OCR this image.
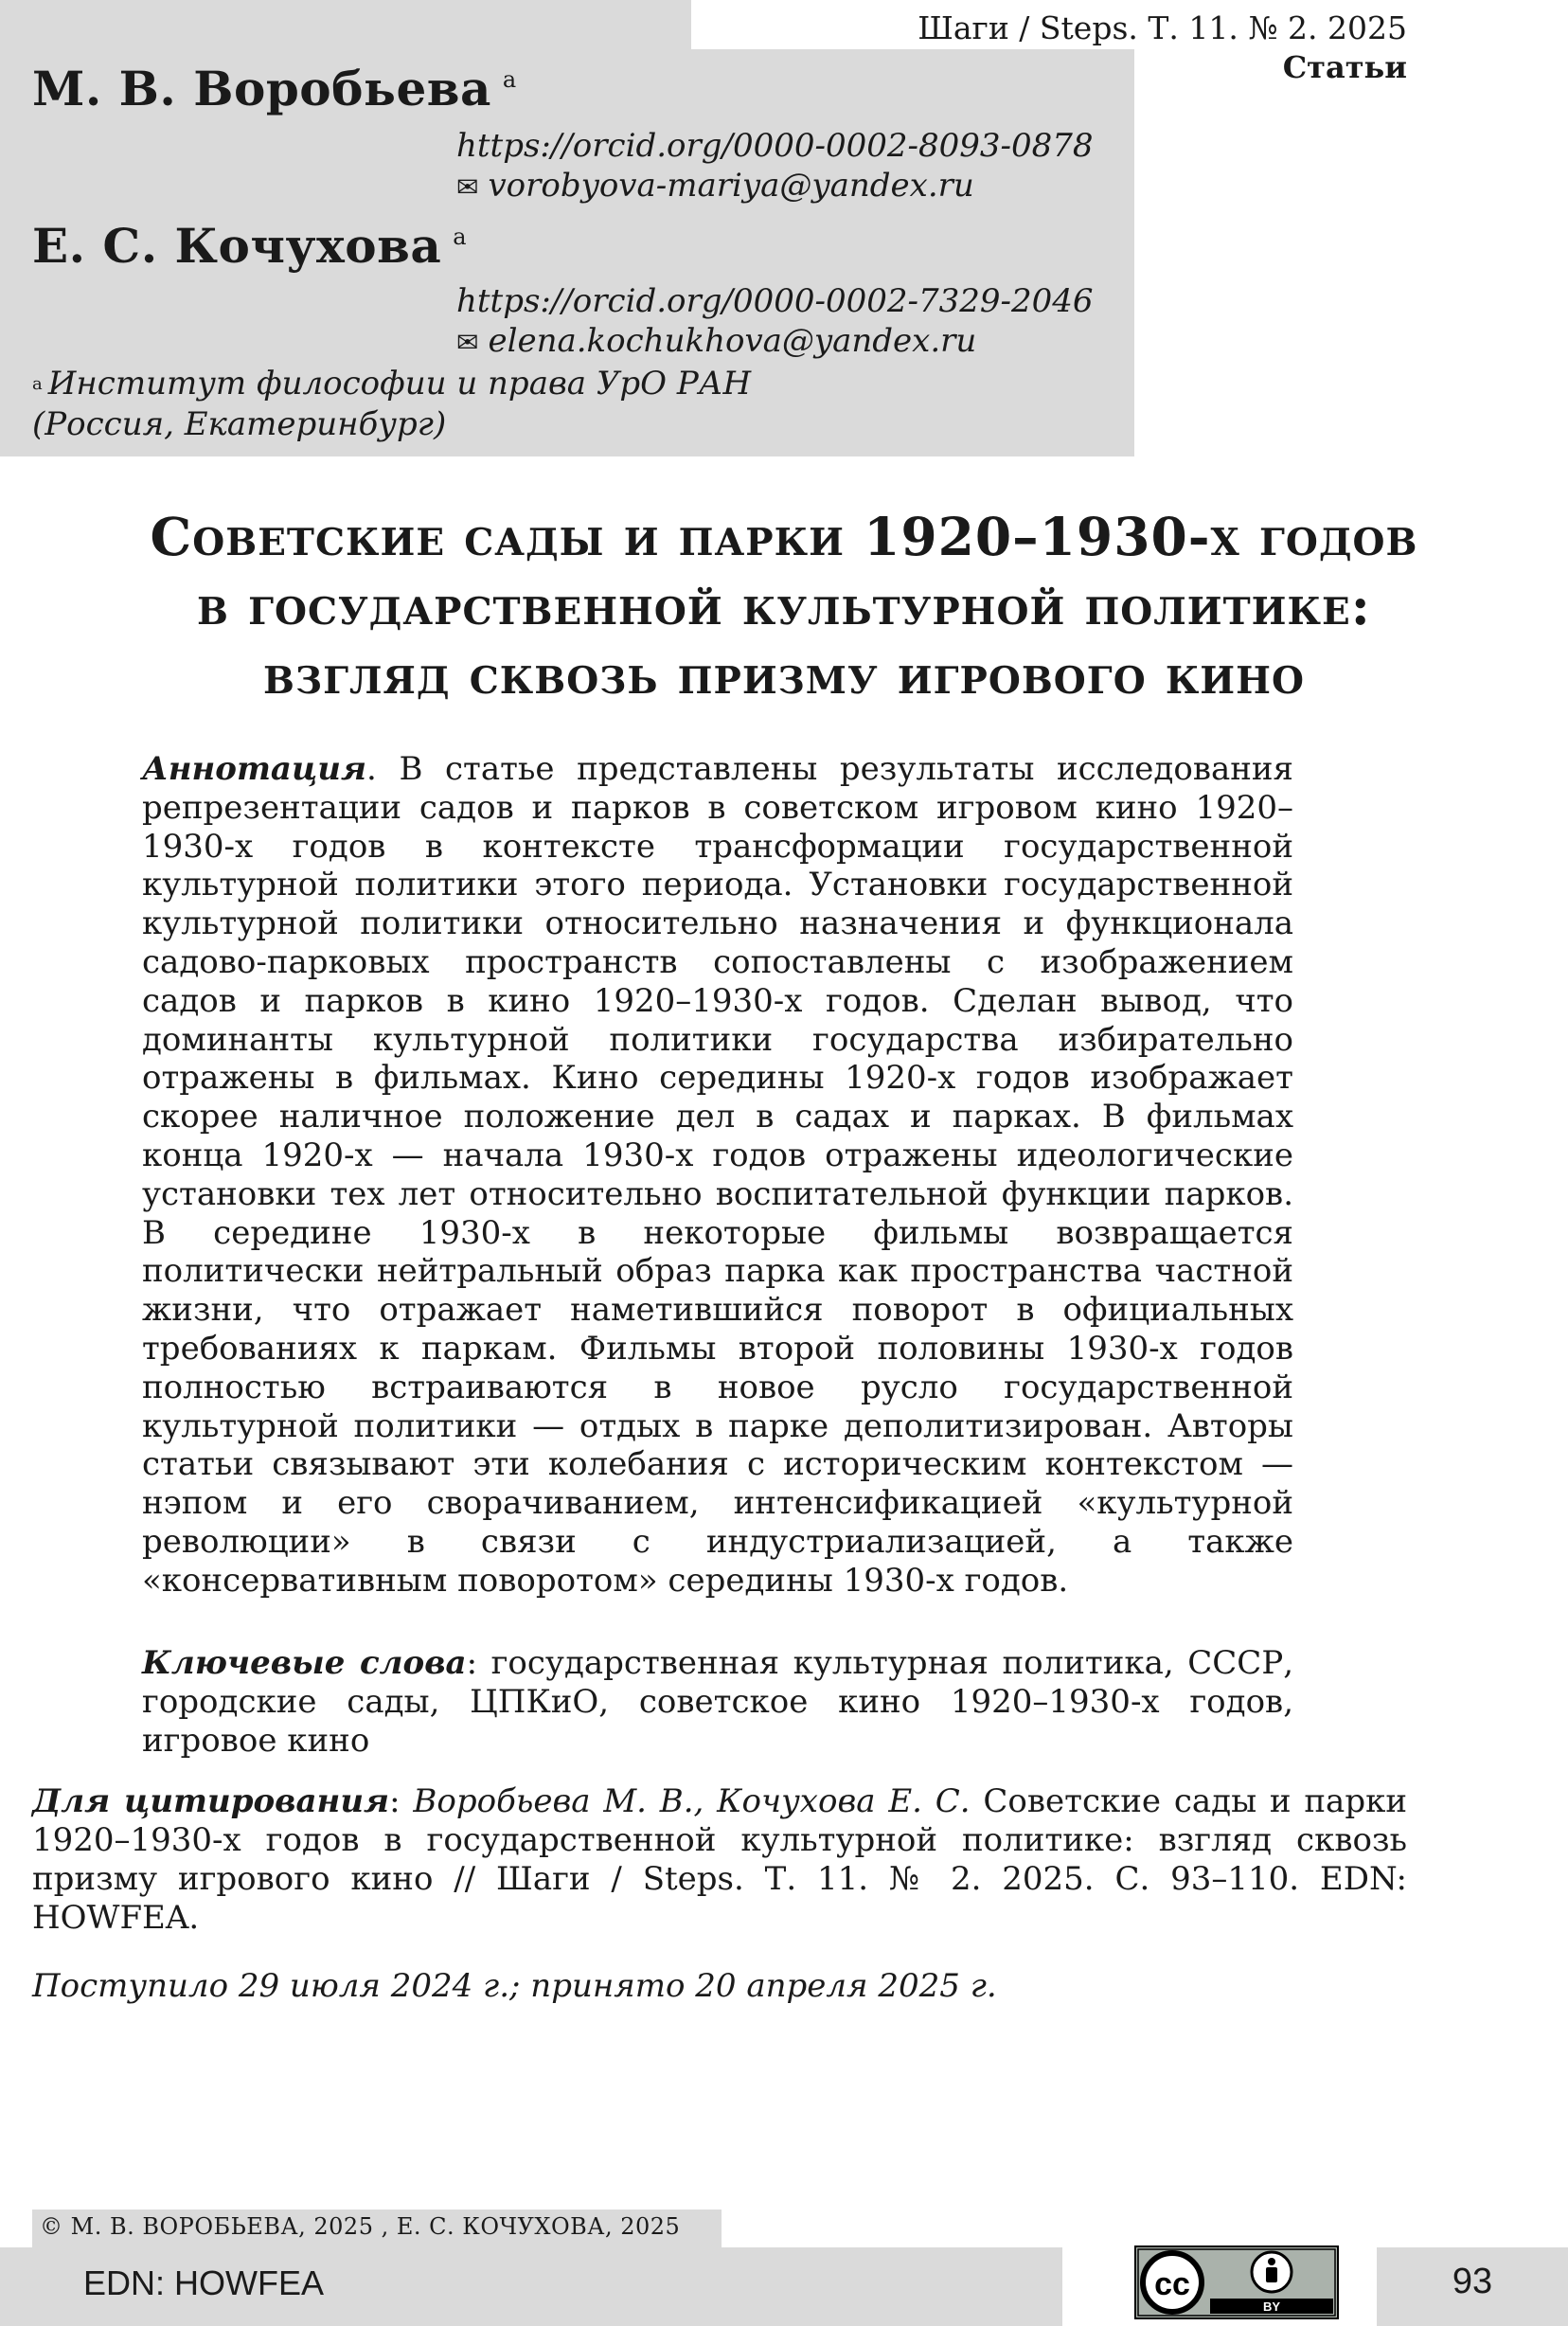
Шаги / Steps. Т. 11. № 2. 2025
Статьи
М. В. Воробьева $^a$
https://orcid.org/0000-0002-8093-0878
✉ vorobyova-mariya@yandex.ru
Е. С. Кочухова $^a$
https://orcid.org/0000-0002-7329-2046
✉ elena.kochukhova@yandex.ru
$^a$ Институт философии и права УрО РАН
(Россия, Екатеринбург)
Советские сады и парки 1920–1930-х годов
в государственной культурной политике:
взгляд сквозь призму игрового кино
Аннотация. В статье представлены результаты исследования репрезентации садов и парков в советском игровом кино 1920–1930-х годов в контексте трансформации государственной культурной политики этого периода. Установки государственной культурной политики относительно назначения и функционала садово-парковых пространств сопоставлены с изображением садов и парков в кино 1920–1930-х годов. Сделан вывод, что доминанты культурной политики государства избирательно отражены в фильмах. Кино середины 1920-х годов изображает скорее наличное положение дел в садах и парках. В фильмах конца 1920-х — начала 1930-х годов отражены идеологические установки тех лет относительно воспитательной функции парков. В середине 1930-х в некоторые фильмы возвращается политически нейтральный образ парка как пространства частной жизни, что отражает наметившийся поворот в официальных требованиях к паркам. Фильмы второй половины 1930-х годов полностью встраиваются в новое русло государственной культурной политики — отдых в парке деполитизирован. Авторы статьи связывают эти колебания с историческим контекстом — нэпом и его сворачиванием, интенсификацией «культурной революции» в связи с индустриализацией, а также «консервативным поворотом» середины 1930-х годов.
Ключевые слова: государственная культурная политика, СССР, городские сады, ЦПКиО, советское кино 1920–1930-х годов, игровое кино
Для цитирования: Воробьева М. В., Кочухова Е. С. Советские сады и парки 1920–1930-х годов в государственной культурной политике: взгляд сквозь призму игрового кино // Шаги / Steps. Т. 11. № 2. 2025. С. 93–110. EDN: HOWFEA.
Поступило 29 июля 2024 г.; принято 20 апреля 2025 г.
© М. В. ВОРОБЬЕВА, 2025 , Е. С. КОЧУХОВА, 2025
EDN: HOWFEA	93
cc
BY
